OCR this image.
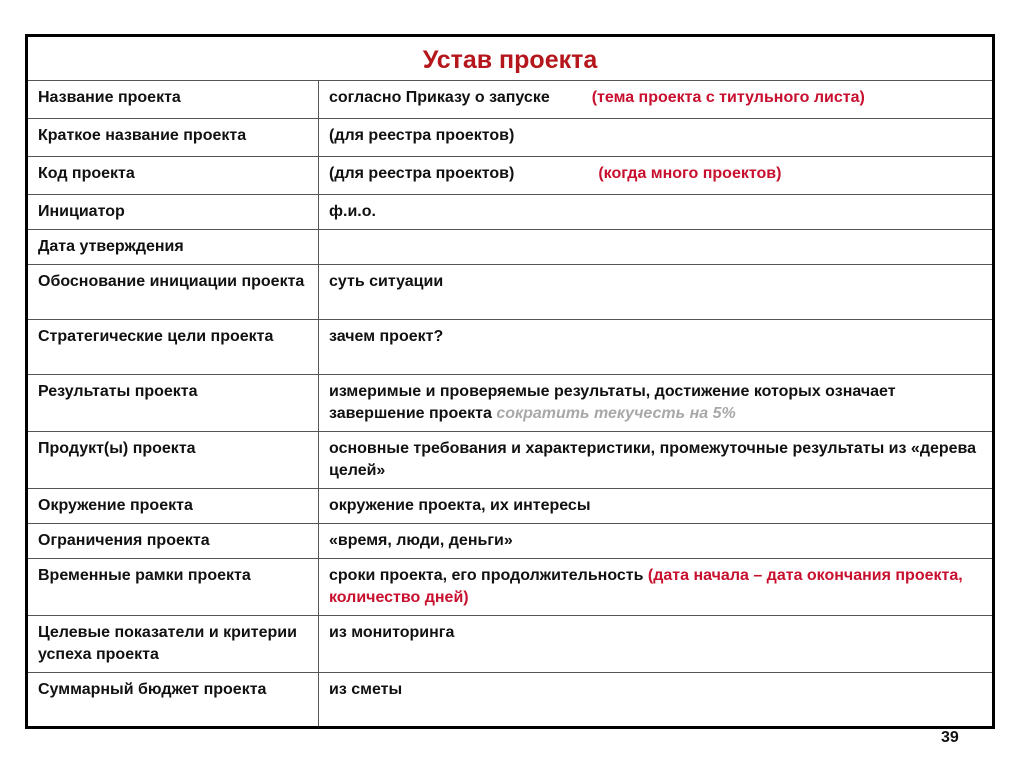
Устав проекта	
Название проекта	согласно Приказу о запуске (тема проекта с титульного листа)
Краткое название проекта	(для реестра проектов)
Код проекта	(для реестра проектов) (когда много проектов)
Инициатор	ф.и.о.
Дата утверждения	
Обоснование инициации проекта	суть ситуации
Стратегические цели проекта	зачем проект?
Результаты проекта	измеримые и проверяемые результаты, достижение которых означает завершение проекта сократить текучесть на 5%
Продукт(ы) проекта	основные требования и характеристики, промежуточные результаты из «дерева целей»
Окружение проекта	окружение проекта, их интересы
Ограничения проекта	«время, люди, деньги»
Временные рамки проекта	сроки проекта, его продолжительность (дата начала – дата окончания проекта, количество дней)
Целевые показатели и критерии успеха проекта	из мониторинга
Суммарный бюджет проекта	из сметы
39
